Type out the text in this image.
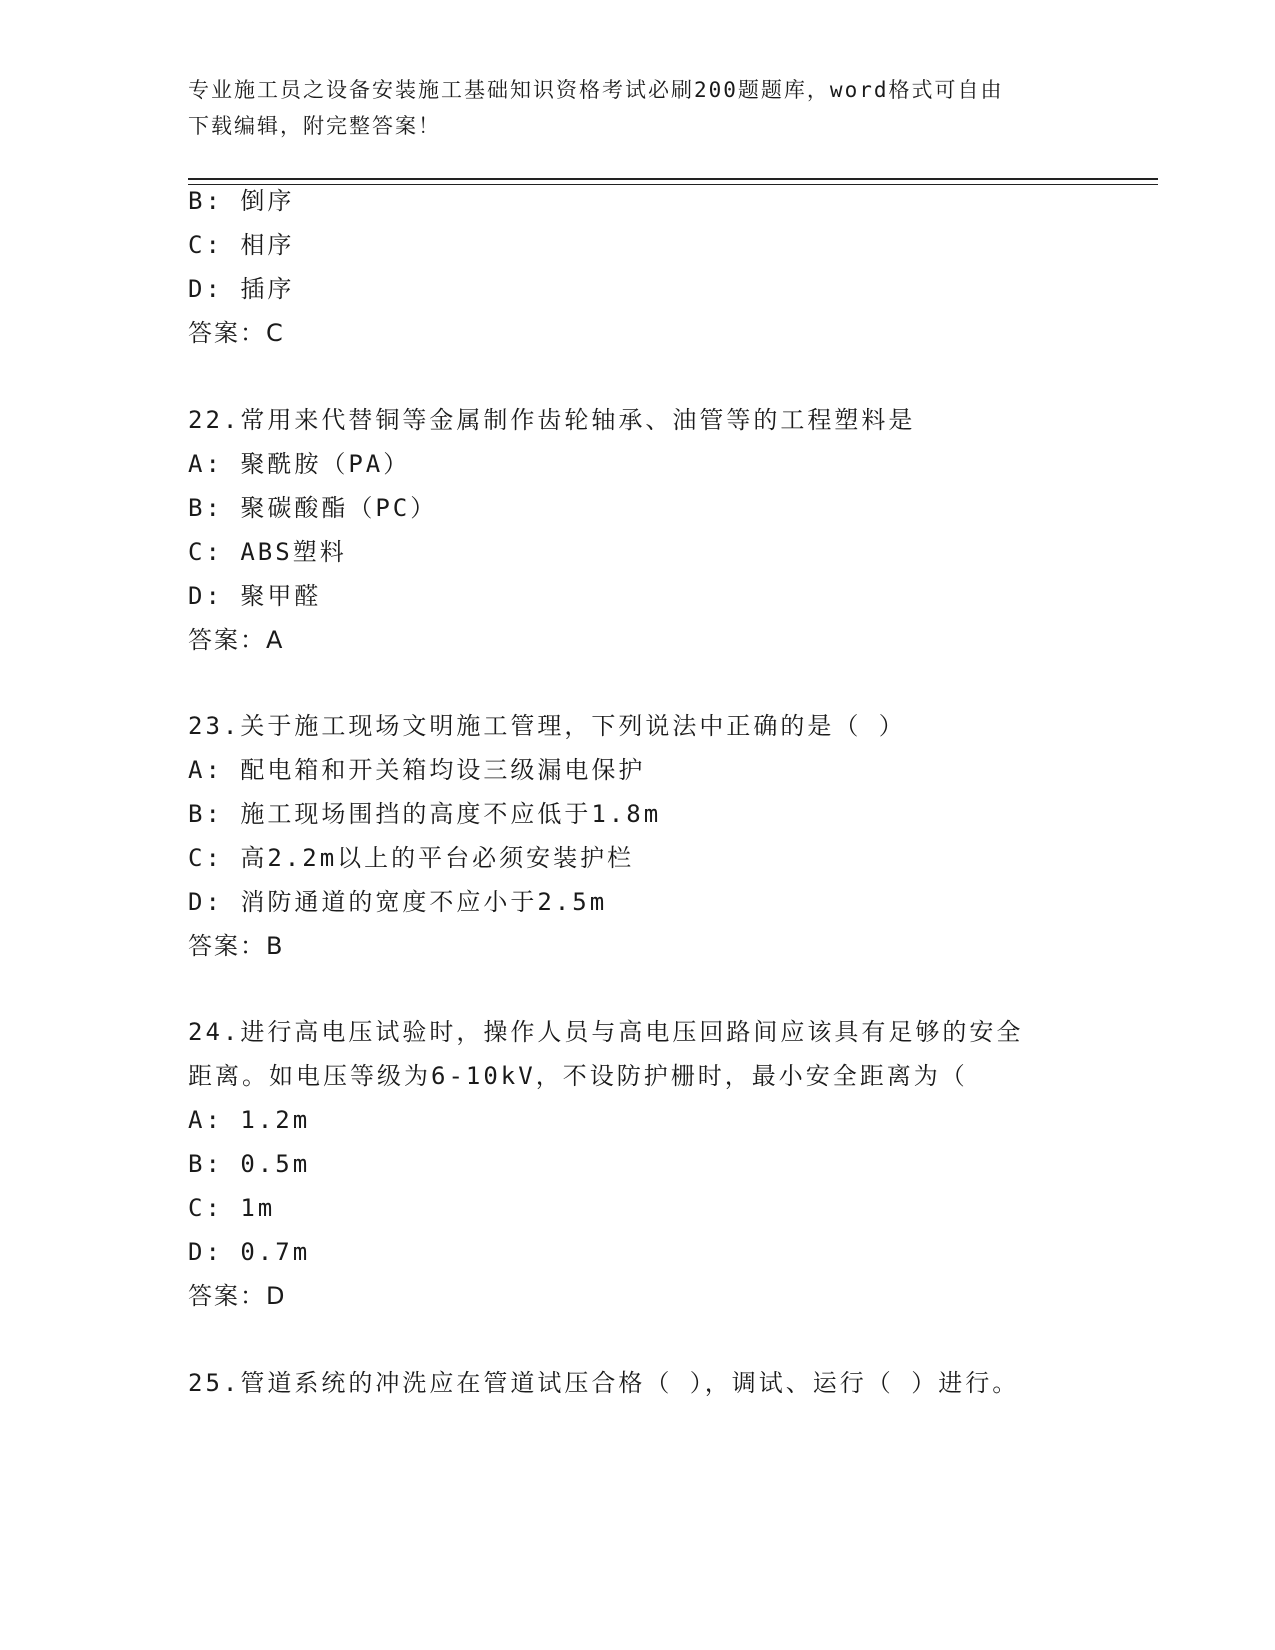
专业施工员之设备安装施工基础知识资格考试必刷200题题库，word格式可自由
下载编辑，附完整答案！
B: 倒序
C: 相序
D: 插序
答案：C
22.常用来代替铜等金属制作齿轮轴承、油管等的工程塑料是
A: 聚酰胺（PA）
B: 聚碳酸酯（PC）
C: ABS塑料
D: 聚甲醛
答案：A
23.关于施工现场文明施工管理，下列说法中正确的是（ ）
A: 配电箱和开关箱均设三级漏电保护
B: 施工现场围挡的高度不应低于1.8m
C: 高2.2m以上的平台必须安装护栏
D: 消防通道的宽度不应小于2.5m
答案：B
24.进行高电压试验时，操作人员与高电压回路间应该具有足够的安全
距离。如电压等级为6-10kV，不设防护栅时，最小安全距离为（
A: 1.2m
B: 0.5m
C: 1m
D: 0.7m
答案：D
25.管道系统的冲洗应在管道试压合格（ ），调试、运行（ ）进行。
